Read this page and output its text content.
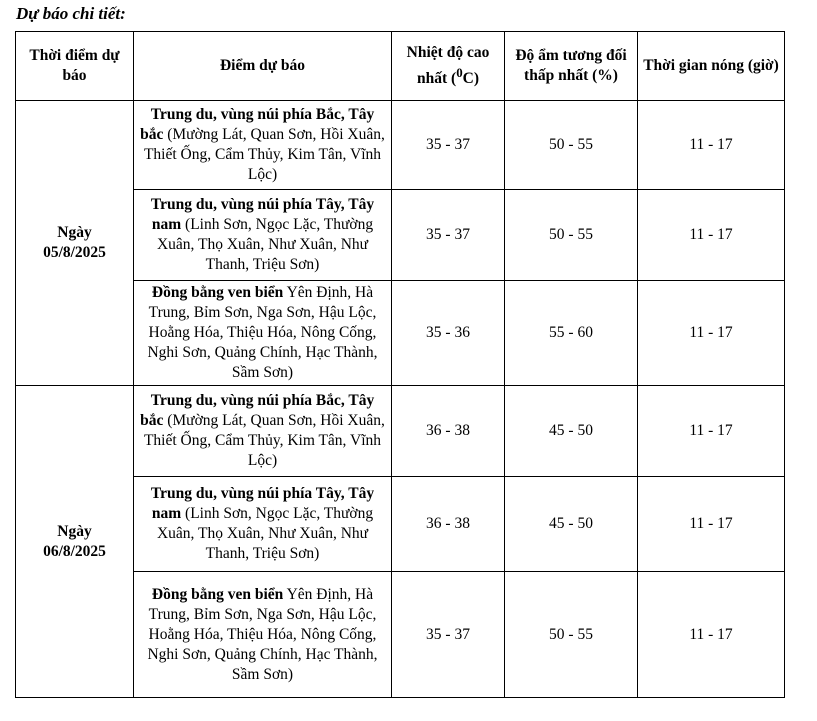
Dự báo chi tiết:
Thời điểm dự báo	Điểm dự báo	Nhiệt độ cao nhất ($^0$C)	Độ ẩm tương đối thấp nhất (%)	Thời gian nóng (giờ)
Ngày
05/8/2025	Trung du, vùng núi phía Bắc, Tây bắc (Mường Lát, Quan Sơn, Hồi Xuân, Thiết Ống, Cẩm Thủy, Kim Tân, Vĩnh Lộc)	35 - 37	50 - 55	11 - 17
	Trung du, vùng núi phía Tây, Tây nam (Linh Sơn, Ngọc Lặc, Thường Xuân, Thọ Xuân, Như Xuân, Như Thanh, Triệu Sơn)	35 - 37	50 - 55	11 - 17
	Đồng bằng ven biển Yên Định, Hà Trung, Bỉm Sơn, Nga Sơn, Hậu Lộc, Hoằng Hóa, Thiệu Hóa, Nông Cống, Nghi Sơn, Quảng Chính, Hạc Thành, Sầm Sơn)	35 - 36	55 - 60	11 - 17
Ngày
06/8/2025	Trung du, vùng núi phía Bắc, Tây bắc (Mường Lát, Quan Sơn, Hồi Xuân, Thiết Ống, Cẩm Thủy, Kim Tân, Vĩnh Lộc)	36 - 38	45 - 50	11 - 17
	Trung du, vùng núi phía Tây, Tây nam (Linh Sơn, Ngọc Lặc, Thường Xuân, Thọ Xuân, Như Xuân, Như Thanh, Triệu Sơn)	36 - 38	45 - 50	11 - 17
	Đồng bằng ven biển Yên Định, Hà Trung, Bỉm Sơn, Nga Sơn, Hậu Lộc, Hoằng Hóa, Thiệu Hóa, Nông Cống, Nghi Sơn, Quảng Chính, Hạc Thành, Sầm Sơn)	35 - 37	50 - 55	11 - 17
